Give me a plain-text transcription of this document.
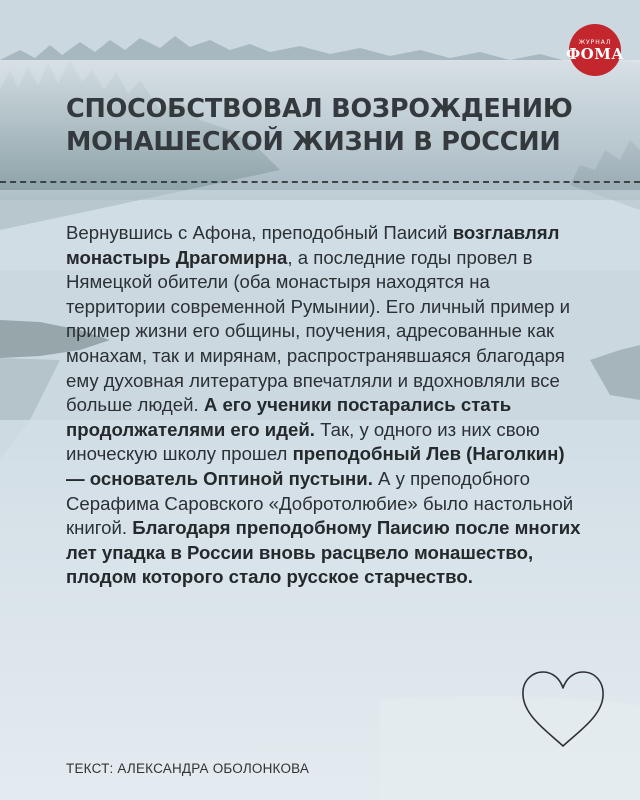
ЖУРНАЛ
ФОМА
СПОСОБСТВОВАЛ ВОЗРОЖДЕНИЮ
МОНАШЕСКОЙ ЖИЗНИ В РОССИИ
Вернувшись с Афона, преподобный Паисий возглавлял монастырь Драгомирна, а последние годы провел в Нямецкой обители (оба монастыря находятся на территории современной Румынии). Его личный пример и пример жизни его общины, поучения, адресованные как монахам, так и мирянам, распространявшаяся благодаря ему духовная литература впечатляли и вдохновляли все больше людей. А его ученики постарались стать продолжателями его идей. Так, у одного из них свою иноческую школу прошел преподобный Лев (Наголкин) — основатель Оптиной пустыни. А у преподобного Серафима Саровского «Добротолюбие» было настольной книгой. Благодаря преподобному Паисию после многих лет упадка в России вновь расцвело монашество, плодом которого стало русское старчество.
ТЕКСТ: АЛЕКСАНДРА ОБОЛОНКОВА
